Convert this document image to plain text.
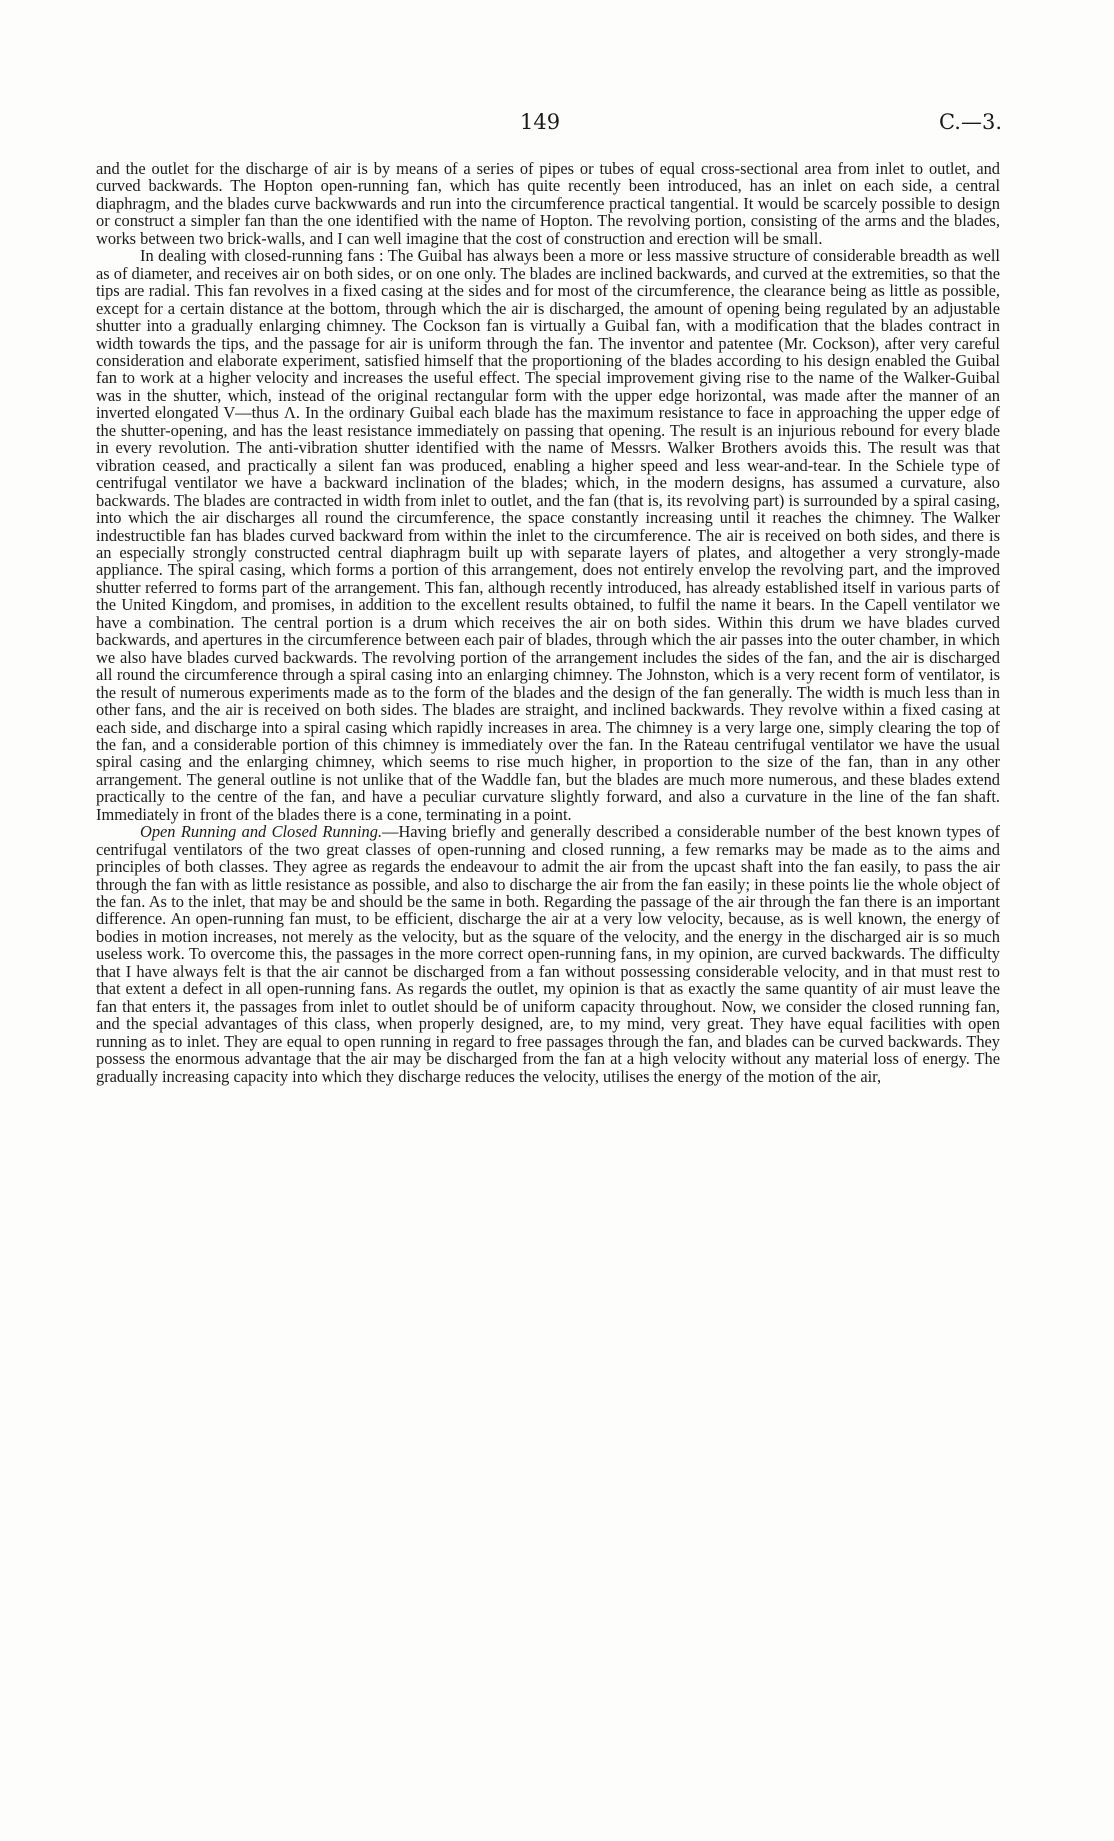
149	C.—3.

and the outlet for the discharge of air is by means of a series of pipes or tubes of equal cross-sectional area from inlet to outlet, and curved backwards. The Hopton open-running fan, which has quite recently been introduced, has an inlet on each side, a central diaphragm, and the blades curve backwwards and run into the circumference practical tangential. It would be scarcely possible to design or construct a simpler fan than the one identified with the name of Hopton. The revolving portion, consisting of the arms and the blades, works between two brick-walls, and I can well imagine that the cost of construction and erection will be small.

In dealing with closed-running fans : The Guibal has always been a more or less massive structure of considerable breadth as well as of diameter, and receives air on both sides, or on one only. The blades are inclined backwards, and curved at the extremities, so that the tips are radial. This fan revolves in a fixed casing at the sides and for most of the circumference, the clearance being as little as possible, except for a certain distance at the bottom, through which the air is discharged, the amount of opening being regulated by an adjustable shutter into a gradually enlarging chimney. The Cockson fan is virtually a Guibal fan, with a modification that the blades contract in width towards the tips, and the passage for air is uniform through the fan. The inventor and patentee (Mr. Cockson), after very careful consideration and elaborate experiment, satisfied himself that the proportioning of the blades according to his design enabled the Guibal fan to work at a higher velocity and increases the useful effect. The special improvement giving rise to the name of the Walker-Guibal was in the shutter, which, instead of the original rectangular form with the upper edge horizontal, was made after the manner of an inverted elongated V—thus Λ. In the ordinary Guibal each blade has the maximum resistance to face in approaching the upper edge of the shutter-opening, and has the least resistance immediately on passing that opening. The result is an injurious rebound for every blade in every revolution. The anti-vibration shutter identified with the name of Messrs. Walker Brothers avoids this. The result was that vibration ceased, and practically a silent fan was produced, enabling a higher speed and less wear-and-tear. In the Schiele type of centrifugal ventilator we have a backward inclination of the blades; which, in the modern designs, has assumed a curvature, also backwards. The blades are contracted in width from inlet to outlet, and the fan (that is, its revolving part) is surrounded by a spiral casing, into which the air discharges all round the circumference, the space constantly increasing until it reaches the chimney. The Walker indestructible fan has blades curved backward from within the inlet to the circumference. The air is received on both sides, and there is an especially strongly constructed central diaphragm built up with separate layers of plates, and altogether a very strongly-made appliance. The spiral casing, which forms a portion of this arrangement, does not entirely envelop the revolving part, and the improved shutter referred to forms part of the arrangement. This fan, although recently introduced, has already established itself in various parts of the United Kingdom, and promises, in addition to the excellent results obtained, to fulfil the name it bears. In the Capell ventilator we have a combination. The central portion is a drum which receives the air on both sides. Within this drum we have blades curved backwards, and apertures in the circumference between each pair of blades, through which the air passes into the outer chamber, in which we also have blades curved backwards. The revolving portion of the arrangement includes the sides of the fan, and the air is discharged all round the circumference through a spiral casing into an enlarging chimney. The Johnston, which is a very recent form of ventilator, is the result of numerous experiments made as to the form of the blades and the design of the fan generally. The width is much less than in other fans, and the air is received on both sides. The blades are straight, and inclined backwards. They revolve within a fixed casing at each side, and discharge into a spiral casing which rapidly increases in area. The chimney is a very large one, simply clearing the top of the fan, and a considerable portion of this chimney is immediately over the fan. In the Rateau centrifugal ventilator we have the usual spiral casing and the enlarging chimney, which seems to rise much higher, in proportion to the size of the fan, than in any other arrangement. The general outline is not unlike that of the Waddle fan, but the blades are much more numerous, and these blades extend practically to the centre of the fan, and have a peculiar curvature slightly forward, and also a curvature in the line of the fan shaft. Immediately in front of the blades there is a cone, terminating in a point.

Open Running and Closed Running.—Having briefly and generally described a considerable number of the best known types of centrifugal ventilators of the two great classes of open-running and closed running, a few remarks may be made as to the aims and principles of both classes. They agree as regards the endeavour to admit the air from the upcast shaft into the fan easily, to pass the air through the fan with as little resistance as possible, and also to discharge the air from the fan easily; in these points lie the whole object of the fan. As to the inlet, that may be and should be the same in both. Regarding the passage of the air through the fan there is an important difference. An open-running fan must, to be efficient, discharge the air at a very low velocity, because, as is well known, the energy of bodies in motion increases, not merely as the velocity, but as the square of the velocity, and the energy in the discharged air is so much useless work. To overcome this, the passages in the more correct open-running fans, in my opinion, are curved backwards. The difficulty that I have always felt is that the air cannot be discharged from a fan without possessing considerable velocity, and in that must rest to that extent a defect in all open-running fans. As regards the outlet, my opinion is that as exactly the same quantity of air must leave the fan that enters it, the passages from inlet to outlet should be of uniform capacity throughout. Now, we consider the closed running fan, and the special advantages of this class, when properly designed, are, to my mind, very great. They have equal facilities with open running as to inlet. They are equal to open running in regard to free passages through the fan, and blades can be curved backwards. They possess the enormous advantage that the air may be discharged from the fan at a high velocity without any material loss of energy. The gradually increasing capacity into which they discharge reduces the velocity, utilises the energy of the motion of the air,
